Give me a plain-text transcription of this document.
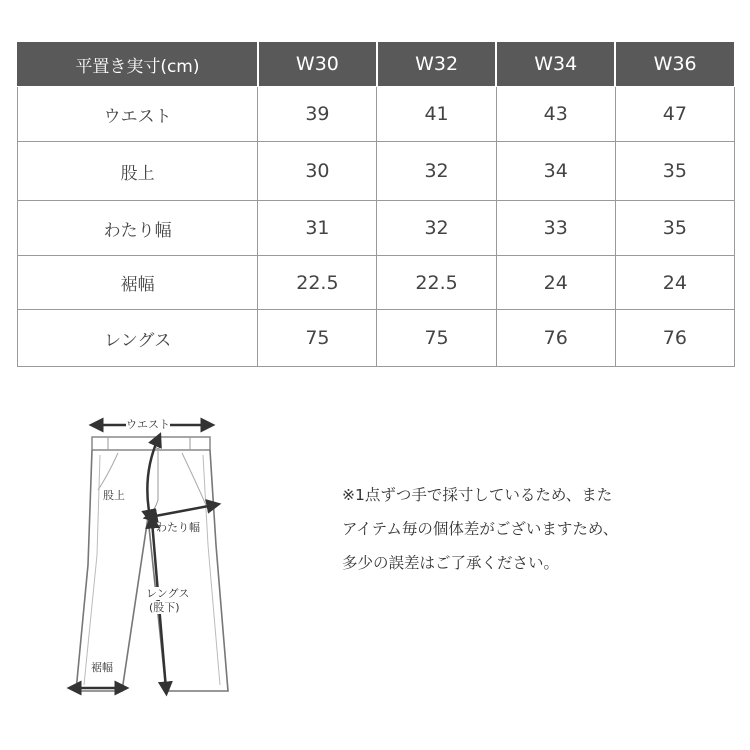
平置き実寸(cm)	W30	W32	W34	W36
ウエスト	39	41	43	47
股上	30	32	34	35
わたり幅	31	32	33	35
裾幅	22.5	22.5	24	24
レングス	75	75	76	76
ウエスト
股上
わたり幅
レングス
(股下)
裾幅
※1点ずつ手で採寸しているため、また
アイテム毎の個体差がございますため、
多少の誤差はご了承ください。
